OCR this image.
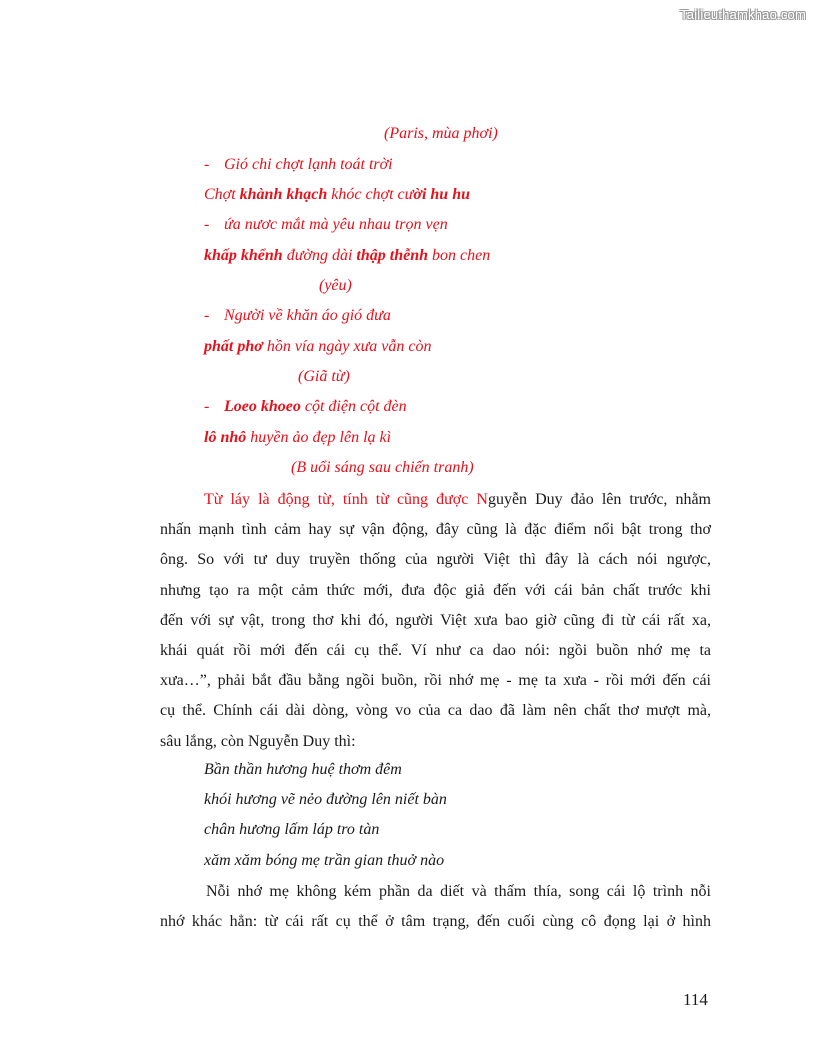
Tailieuthamkhao.com
(Paris, mùa phơi)
- Gió chi chợt lạnh toát trời
Chợt khành khạch khóc chợt cười hu hu
- ứa nươc mắt mà yêu nhau trọn vẹn
khấp khểnh đường dài thập thễnh bon chen
(yêu)
- Người về khăn áo gió đưa
phất phơ hồn vía ngày xưa vẫn còn
(Giã từ)
- Loeo khoeo cột điện cột đèn
lô nhô huyền ảo đẹp lên lạ kì
(B uổi sáng sau chiến tranh)
Từ láy là động từ, tính từ cũng được Nguyễn Duy đảo lên trước, nhằm
nhấn mạnh tình cảm hay sự vận động, đây cũng là đặc điểm nổi bật trong thơ
ông. So với tư duy truyền thống của người Việt thì đây là cách nói ngược,
nhưng tạo ra một cảm thức mới, đưa độc giả đến với cái bản chất trước khi
đến với sự vật, trong thơ khi đó, người Việt xưa bao giờ cũng đi từ cái rất xa,
khái quát rồi mới đến cái cụ thể. Ví như ca dao nói: ngồi buồn nhớ mẹ ta
xưa…”, phải bắt đầu bằng ngồi buồn, rồi nhớ mẹ - mẹ ta xưa - rồi mới đến cái
cụ thể. Chính cái dài dòng, vòng vo của ca dao đã làm nên chất thơ mượt mà,
sâu lắng, còn Nguyễn Duy thì:
Bần thần hương huệ thơm đêm
khói hương vẽ nẻo đường lên niết bàn
chân hương lấm láp tro tàn
xăm xăm bóng mẹ trần gian thuở nào
Nỗi nhớ mẹ không kém phần da diết và thấm thía, song cái lộ trình nỗi
nhớ khác hẳn: từ cái rất cụ thể ở tâm trạng, đến cuối cùng cô đọng lại ở hình
114
